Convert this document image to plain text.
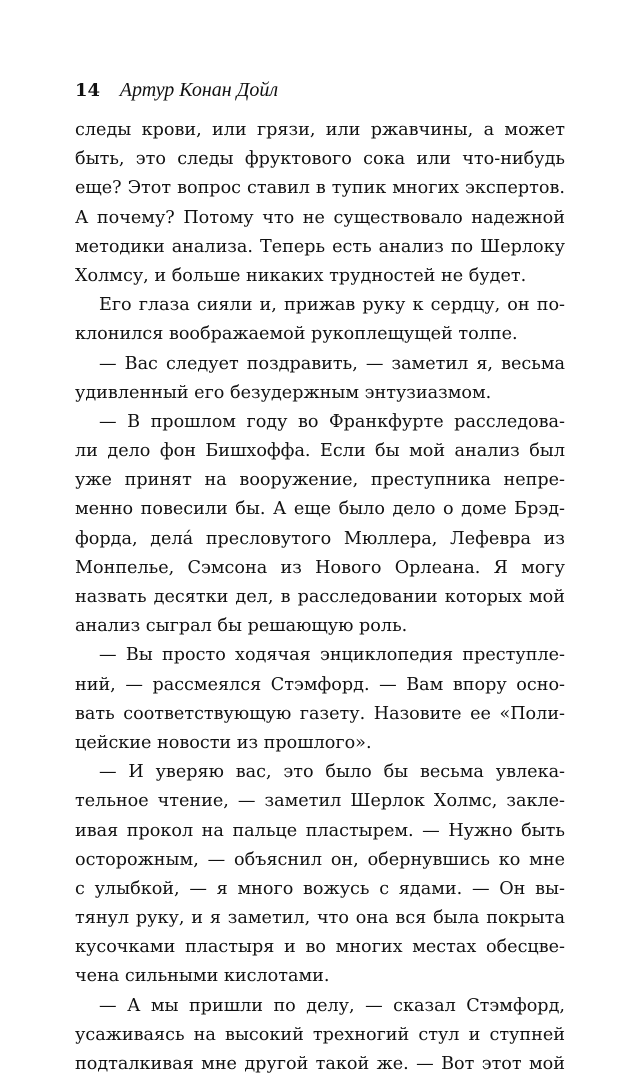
14 Артур Конан Дойл
следы крови, или грязи, или ржавчины, а может
быть, это следы фруктового сока или что-нибудь
еще? Этот вопрос ставил в тупик многих экспертов.
А почему? Потому что не существовало надежной
методики анализа. Теперь есть анализ по Шерлоку
Холмсу, и больше никаких трудностей не будет.
Его глаза сияли и, прижав руку к сердцу, он по-
клонился воображаемой рукоплещущей толпе.
— Вас следует поздравить, — заметил я, весьма
удивленный его безудержным энтузиазмом.
— В прошлом году во Франкфурте расследова-
ли дело фон Бишхоффа. Если бы мой анализ был
уже принят на вооружение, преступника непре-
менно повесили бы. А еще было дело о доме Брэд-
форда, делá пресловутого Мюллера, Лефевра из
Монпелье, Сэмсона из Нового Орлеана. Я могу
назвать десятки дел, в расследовании которых мой
анализ сыграл бы решающую роль.
— Вы просто ходячая энциклопедия преступле-
ний, — рассмеялся Стэмфорд. — Вам впору осно-
вать соответствующую газету. Назовите ее «Поли-
цейские новости из прошлого».
— И уверяю вас, это было бы весьма увлека-
тельное чтение, — заметил Шерлок Холмс, закле-
ивая прокол на пальце пластырем. — Нужно быть
осторожным, — объяснил он, обернувшись ко мне
с улыбкой, — я много вожусь с ядами. — Он вы-
тянул руку, и я заметил, что она вся была покрыта
кусочками пластыря и во многих местах обесцве-
чена сильными кислотами.
— А мы пришли по делу, — сказал Стэмфорд,
усаживаясь на высокий трехногий стул и ступней
подталкивая мне другой такой же. — Вот этот мой
